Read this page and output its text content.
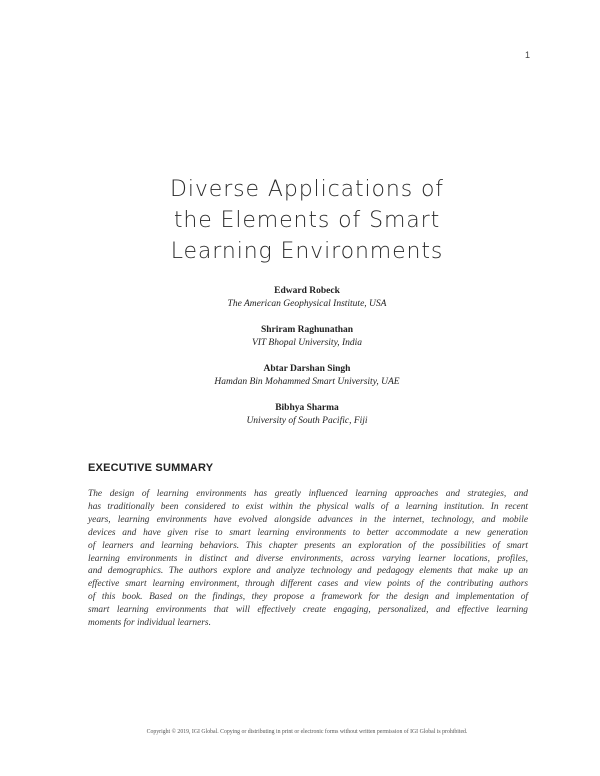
1
Diverse Applications of
the Elements of Smart
Learning Environments
Edward Robeck
The American Geophysical Institute, USA
Shriram Raghunathan
VIT Bhopal University, India
Abtar Darshan Singh
Hamdan Bin Mohammed Smart University, UAE
Bibhya Sharma
University of South Pacific, Fiji
EXECUTIVE SUMMARY
The design of learning environments has greatly influenced learning approaches and strategies, and
has traditionally been considered to exist within the physical walls of a learning institution. In recent
years, learning environments have evolved alongside advances in the internet, technology, and mobile
devices and have given rise to smart learning environments to better accommodate a new generation
of learners and learning behaviors. This chapter presents an exploration of the possibilities of smart
learning environments in distinct and diverse environments, across varying learner locations, profiles,
and demographics. The authors explore and analyze technology and pedagogy elements that make up an
effective smart learning environment, through different cases and view points of the contributing authors
of this book. Based on the findings, they propose a framework for the design and implementation of
smart learning environments that will effectively create engaging, personalized, and effective learning
moments for individual learners.
Copyright © 2019, IGI Global. Copying or distributing in print or electronic forms without written permission of IGI Global is prohibited.
